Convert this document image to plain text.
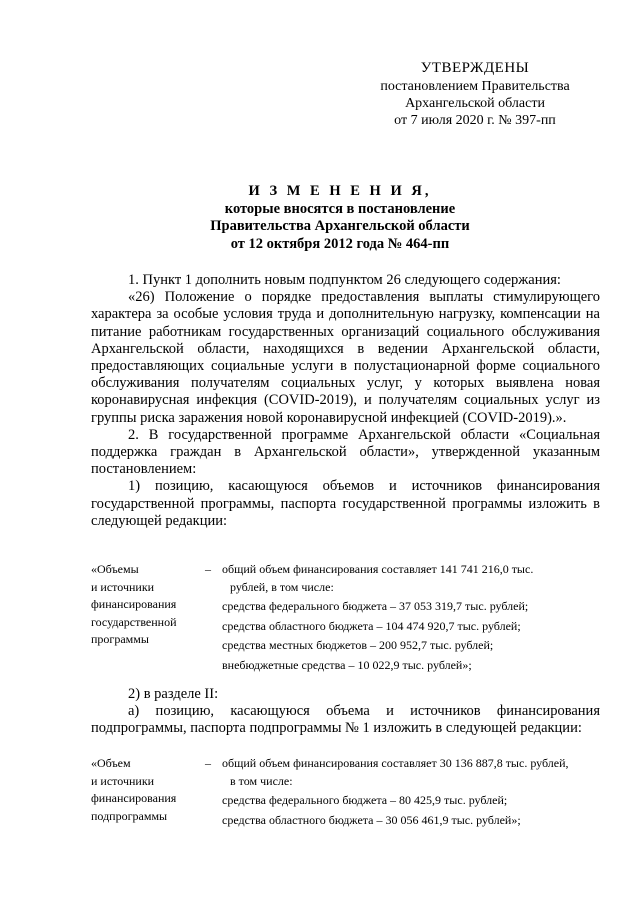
УТВЕРЖДЕНЫ
постановлением Правительства
Архангельской области
от 7 июля 2020 г. № 397-пп
И З М Е Н Е Н И Я,
которые вносятся в постановление
Правительства Архангельской области
от 12 октября 2012 года № 464-пп

1. Пункт 1 дополнить новым подпунктом 26 следующего содержания:

«26) Положение о порядке предоставления выплаты стимулирующего характера за особые условия труда и дополнительную нагрузку, компенсации на питание работникам государственных организаций социального обслуживания Архангельской области, находящихся в ведении Архангельской области, предоставляющих социальные услуги в полустационарной форме социального обслуживания получателям социальных услуг, у которых выявлена новая коронавирусная инфекция (COVID-2019), и получателям социальных услуг из группы риска заражения новой коронавирусной инфекцией (COVID-2019).».

2. В государственной программе Архангельской области «Социальная поддержка граждан в Архангельской области», утвержденной указанным постановлением:

1) позицию, касающуюся объемов и источников финансирования государственной программы, паспорта государственной программы изложить в следующей редакции:

«Объемы
и источники
финансирования
государственной
программы
– общий объем финансирования составляет 141 741 216,0 тыс.
рублей, в том числе:
средства федерального бюджета – 37 053 319,7 тыс. рублей;
средства областного бюджета – 104 474 920,7 тыс. рублей;
средства местных бюджетов – 200 952,7 тыс. рублей;
внебюджетные средства – 10 022,9 тыс. рублей»;

2) в разделе II:

а) позицию, касающуюся объема и источников финансирования подпрограммы, паспорта подпрограммы № 1 изложить в следующей редакции:

«Объем
и источники
финансирования
подпрограммы
– общий объем финансирования составляет 30 136 887,8 тыс. рублей,
в том числе:
средства федерального бюджета – 80 425,9 тыс. рублей;
средства областного бюджета – 30 056 461,9 тыс. рублей»;
